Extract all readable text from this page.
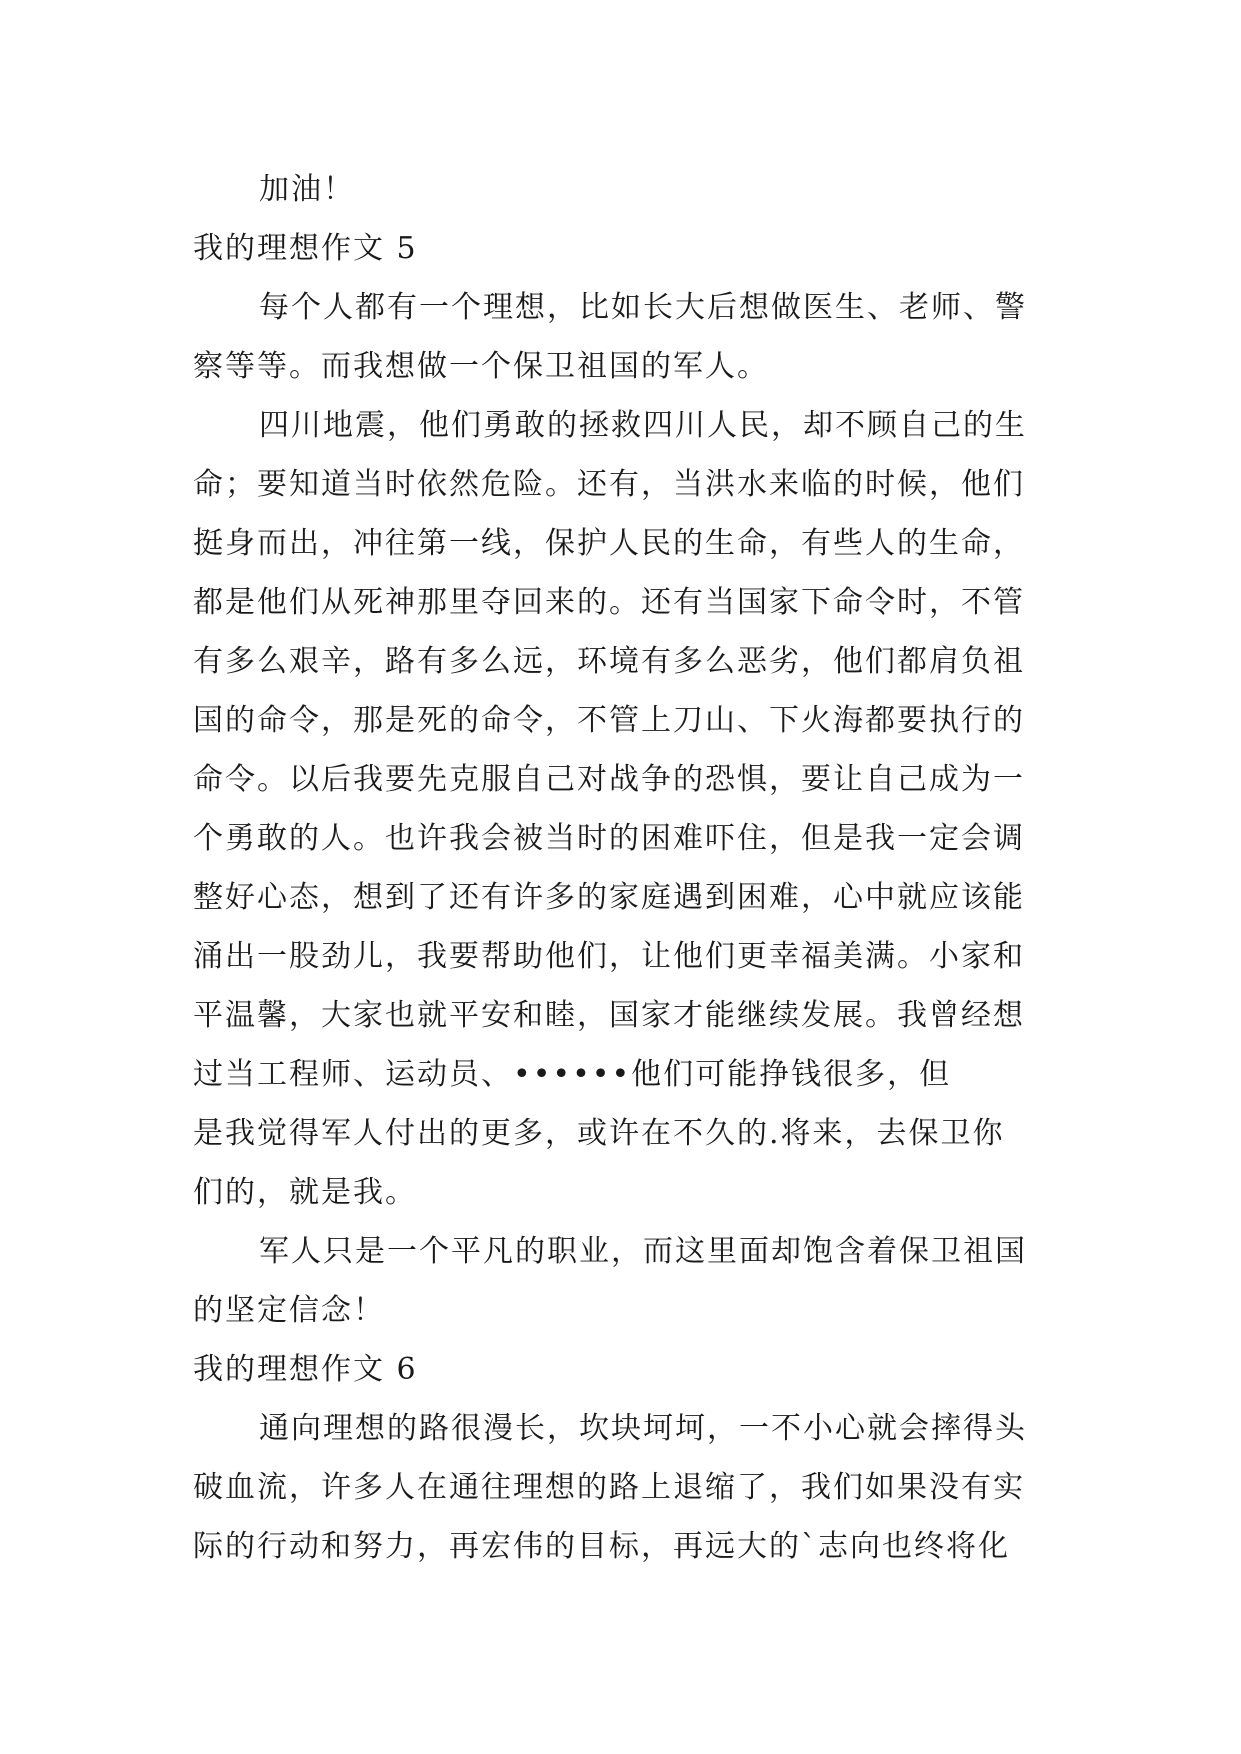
加油！
我的理想作文 5
每个人都有一个理想，比如长大后想做医生、老师、警
察等等。而我想做一个保卫祖国的军人。
四川地震，他们勇敢的拯救四川人民，却不顾自己的生
命；要知道当时依然危险。还有，当洪水来临的时候，他们
挺身而出，冲往第一线，保护人民的生命，有些人的生命，
都是他们从死神那里夺回来的。还有当国家下命令时，不管
有多么艰辛，路有多么远，环境有多么恶劣，他们都肩负祖
国的命令，那是死的命令，不管上刀山、下火海都要执行的
命令。以后我要先克服自己对战争的恐惧，要让自己成为一
个勇敢的人。也许我会被当时的困难吓住，但是我一定会调
整好心态，想到了还有许多的家庭遇到困难，心中就应该能
涌出一股劲儿，我要帮助他们，让他们更幸福美满。小家和
平温馨，大家也就平安和睦，国家才能继续发展。我曾经想
过当工程师、运动员、••••••他们可能挣钱很多，但
是我觉得军人付出的更多，或许在不久的.将来，去保卫你
们的，就是我。
军人只是一个平凡的职业，而这里面却饱含着保卫祖国
的坚定信念！
我的理想作文 6
通向理想的路很漫长，坎块坷坷，一不小心就会摔得头
破血流，许多人在通往理想的路上退缩了，我们如果没有实
际的行动和努力，再宏伟的目标，再远大的`志向也终将化
